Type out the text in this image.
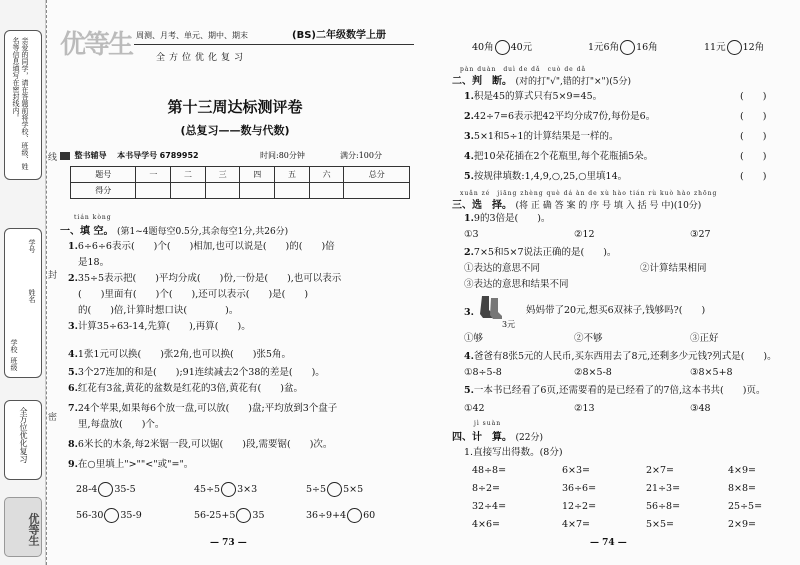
亲爱的同学，请在答题前将学校、班级、姓名等信息填写在密封线内。
学校
班级
姓名
学号
全方位优化复习
优等生
线
封
密
优等生 周测、月考、单元、期中、期末	(BS)二年级数学上册
全方位优化复习
第十三周达标测评卷
(总复习——数与代数)
整书辅导 本书导学号 6789952	时间:80分钟	满分:100分
题号	一	二	三	四	五	六	总分
得分							
tián kòng
一、填 空。 (第1~4题每空0.5分,其余每空1分,共26分)
1.6÷6÷6表示(　　)个(　　)相加,也可以说是(　　)的(　　)倍
是18。
2.35÷5表示把(　　)平均分成(　　)份,一份是(　　),也可以表示
(　　)里面有(　　)个(　　),还可以表示(　　)是(　　)
的(　　)倍,计算时想口诀(　　　　)。
3.计算35÷63-14,先算(　　),再算(　　)。
4.1张1元可以换(　　)张2角,也可以换(　　)张5角。
5.3个27连加的和是(　　);91连续减去2个38的差是(　　)。
6.红花有3盆,黄花的盆数是红花的3倍,黄花有(　　)盆。
7.24个苹果,如果每6个放一盘,可以放(　　)盘;平均放到3个盘子
里,每盘放(　　)个。
8.6米长的木条,每2米锯一段,可以锯(　　)段,需要锯(　　)次。
9.在○里填上">""<"或"="。
28-4 35-5	45÷5 3×3	5÷5 5×5
56-30 35-9	56-25+5 35	36÷9+4 60
— 73 —
40角 40元	1元6角 16角	11元 12角
pàn duàn　duì de dǎ　cuò de dǎ
二、判　断。 (对的打"√",错的打"×")(5分)
1.积是45的算式只有5×9=45。	(　　)
2.42÷7=6表示把42平均分成7份,每份是6。	(　　)
3.5×1和5÷1的计算结果是一样的。	(　　)
4.把10朵花插在2个花瓶里,每个花瓶插5朵。	(　　)
5.按规律填数:1,4,9,○,25,○里填14。	(　　)
xuǎn zé　jiāng zhèng què dá àn de xù hào tián rù kuò hào zhōng
三、选　择。 (将 正 确 答 案 的 序 号 填 入 括 号 中)(10分)
1.9的3倍是(　　)。
①3	②12	③27
2.7×5和5×7说法正确的是(　　)。
①表达的意思不同	②计算结果相同
③表达的意思和结果不同
3.
3元
妈妈带了20元,想买6双袜子,钱够吗?(　　)
①够	②不够	③正好
4.爸爸有8张5元的人民币,买东西用去了8元,还剩多少元钱?列式是(　　)。
①8÷5-8	②8×5-8	③8×5+8
5.一本书已经看了6页,还需要看的是已经看了的7倍,这本书共(　　)页。
①42	②13	③48
jì suàn
四、计　算。 (22分)
1.直接写出得数。(8分)
48÷8=	6×3=	2×7=	4×9=
8÷2=	36÷6=	21÷3=	8×8=
32÷4=	12÷2=	56÷8=	25÷5=
4×6=	4×7=	5×5=	2×9=
— 74 —
